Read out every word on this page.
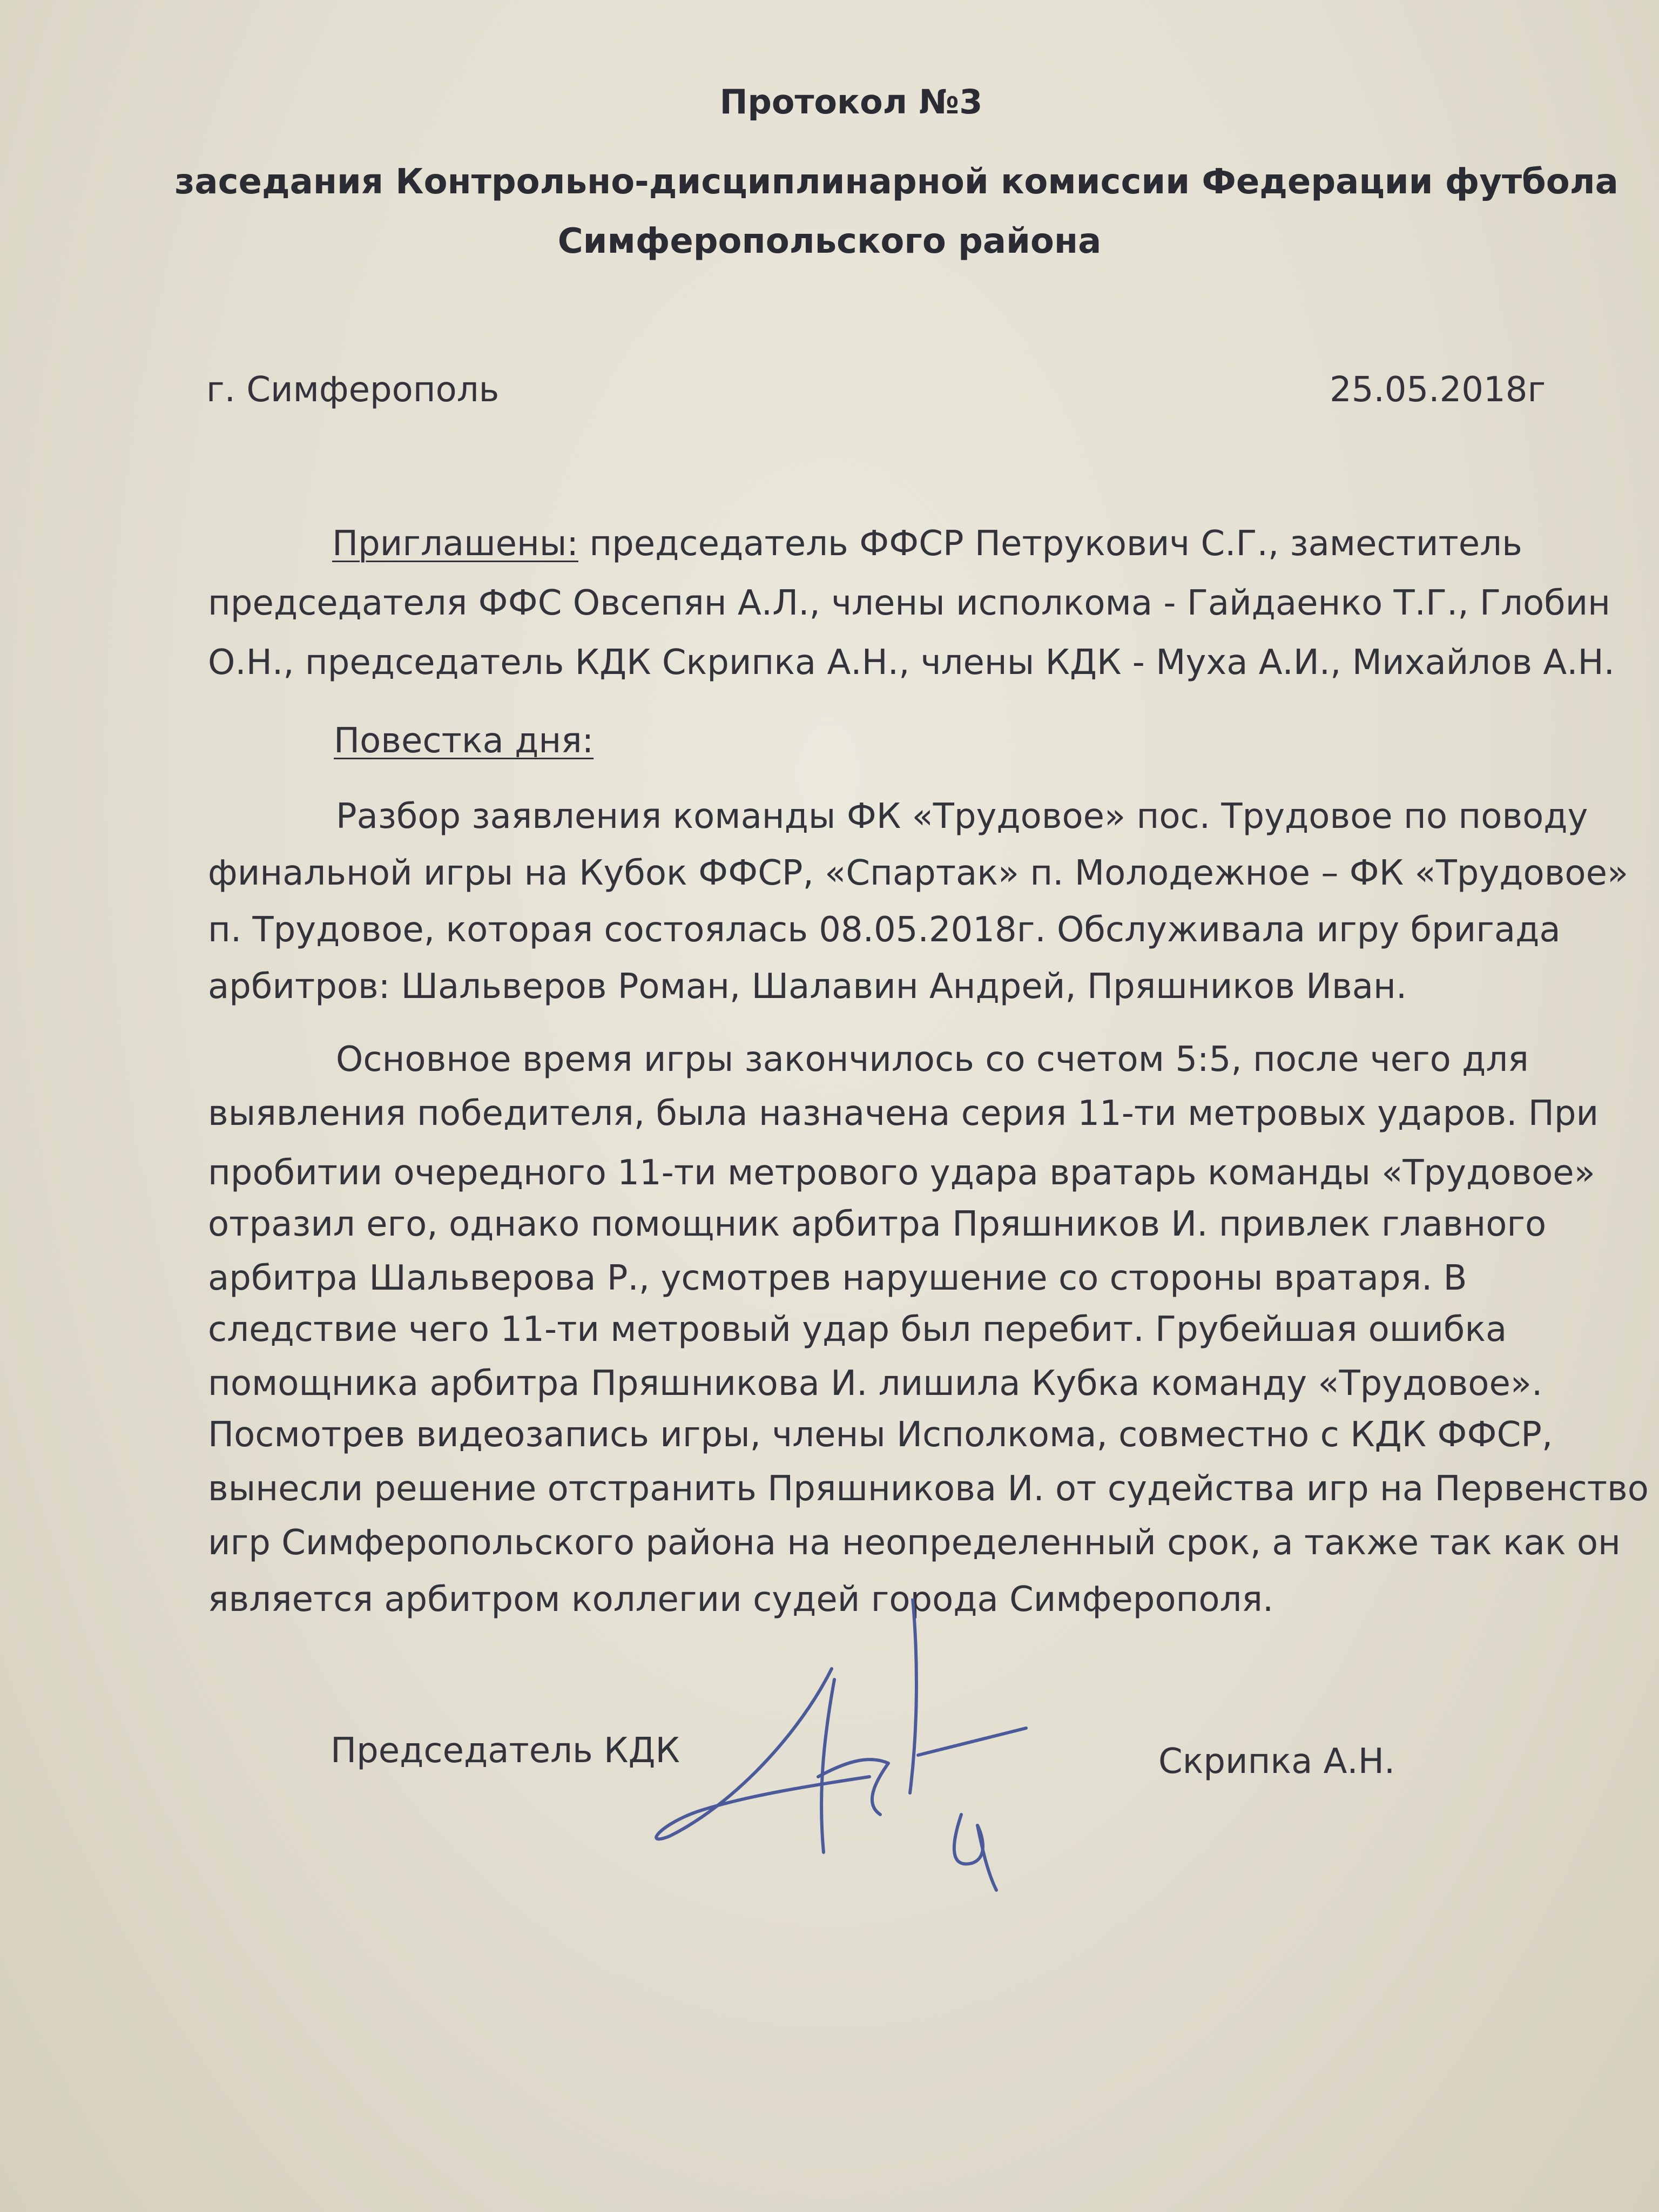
Протокол №3
заседания Контрольно-дисциплинарной комиссии Федерации футбола
Симферопольского района
г. Симферополь	25.05.2018г
Приглашены: председатель ФФСР Петрукович С.Г., заместитель
председателя ФФС Овсепян А.Л., члены исполкома - Гайдаенко Т.Г., Глобин
О.Н., председатель КДК Скрипка А.Н., члены КДК - Муха А.И., Михайлов А.Н.
Повестка дня:
Разбор заявления команды ФК «Трудовое» пос. Трудовое по поводу
финальной игры на Кубок ФФСР, «Спартак» п. Молодежное – ФК «Трудовое»
п. Трудовое, которая состоялась 08.05.2018г. Обслуживала игру бригада
арбитров: Шальверов Роман, Шалавин Андрей, Пряшников Иван.
Основное время игры закончилось со счетом 5:5, после чего для
выявления победителя, была назначена серия 11-ти метровых ударов. При
пробитии очередного 11-ти метрового удара вратарь команды «Трудовое»
отразил его, однако помощник арбитра Пряшников И. привлек главного
арбитра Шальверова Р., усмотрев нарушение со стороны вратаря. В
следствие чего 11-ти метровый удар был перебит. Грубейшая ошибка
помощника арбитра Пряшникова И. лишила Кубка команду «Трудовое».
Посмотрев видеозапись игры, члены Исполкома, совместно с КДК ФФСР,
вынесли решение отстранить Пряшникова И. от судейства игр на Первенство
игр Симферопольского района на неопределенный срок, а также так как он
является арбитром коллегии судей города Симферополя.
Председатель КДК	Скрипка А.Н.
